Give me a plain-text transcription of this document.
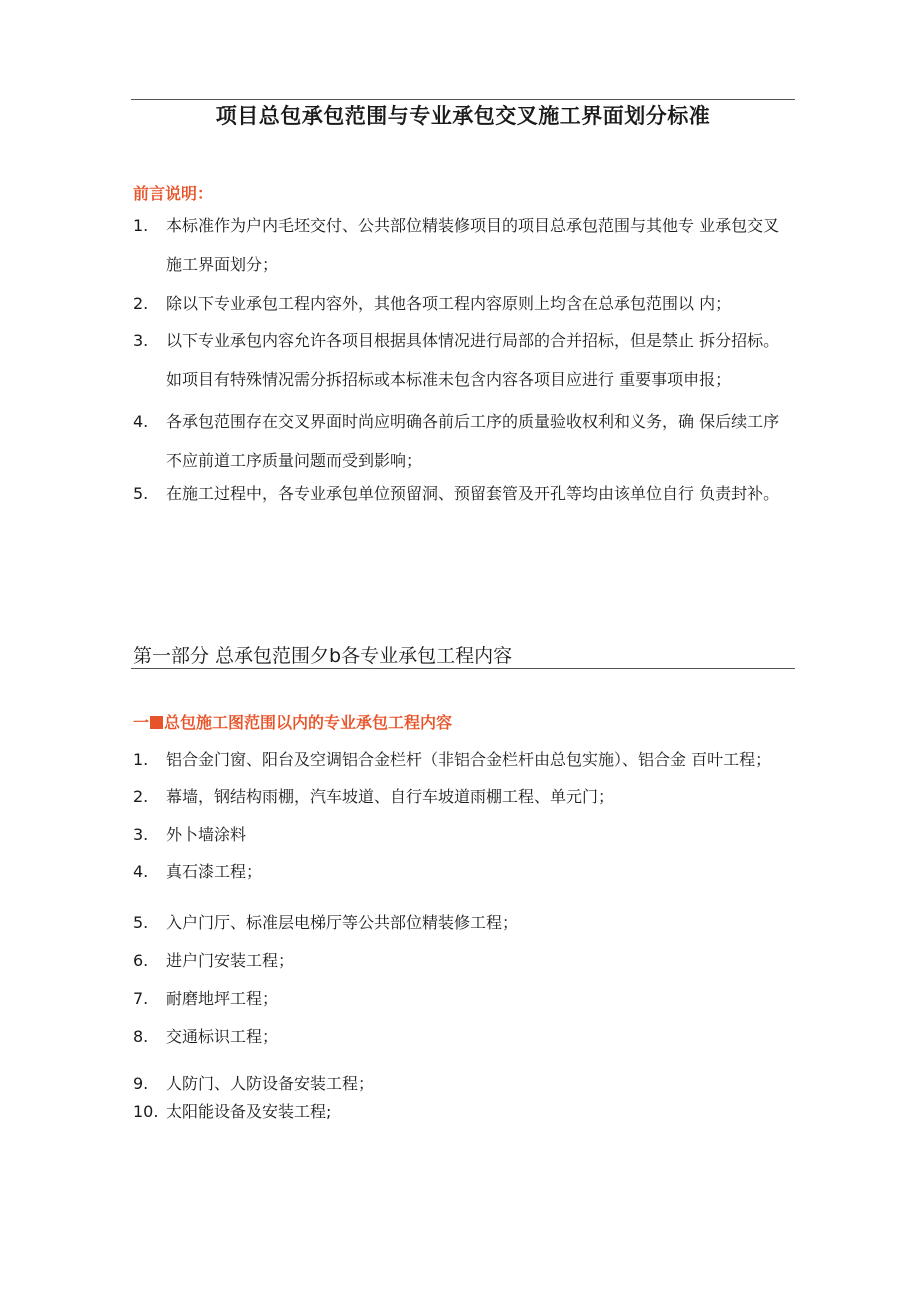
项目总包承包范围与专业承包交叉施工界面划分标准
前言说明：
1. 本标准作为户内毛坯交付、公共部位精装修项目的项目总承包范围与其他专 业承包交叉施工界面划分；
2. 除以下专业承包工程内容外，其他各项工程内容原则上均含在总承包范围以 内；
3. 以下专业承包内容允许各项目根据具体情况进行局部的合并招标，但是禁止 拆分招标。如项目有特殊情况需分拆招标或本标准未包含内容各项目应进行 重要事项申报；
4. 各承包范围存在交叉界面时尚应明确各前后工序的质量验收权利和义务，确 保后续工序不应前道工序质量问题而受到影响；
5. 在施工过程中，各专业承包单位预留洞、预留套管及开孔等均由该单位自行 负责封补。
第一部分 总承包范围夕b各专业承包工程内容
一 总包施工图范围以内的专业承包工程内容
1. 铝合金门窗、阳台及空调铝合金栏杆（非铝合金栏杆由总包实施）、铝合金 百叶工程；
2. 幕墙，钢结构雨棚，汽车坡道、自行车坡道雨棚工程、单元门；
3. 外卜墙涂料
4. 真石漆工程；
5. 入户门厅、标准层电梯厅等公共部位精装修工程；
6. 进户门安装工程；
7. 耐磨地坪工程；
8. 交通标识工程；
9. 人防门、人防设备安装工程；
10. 太阳能设备及安装工程;
